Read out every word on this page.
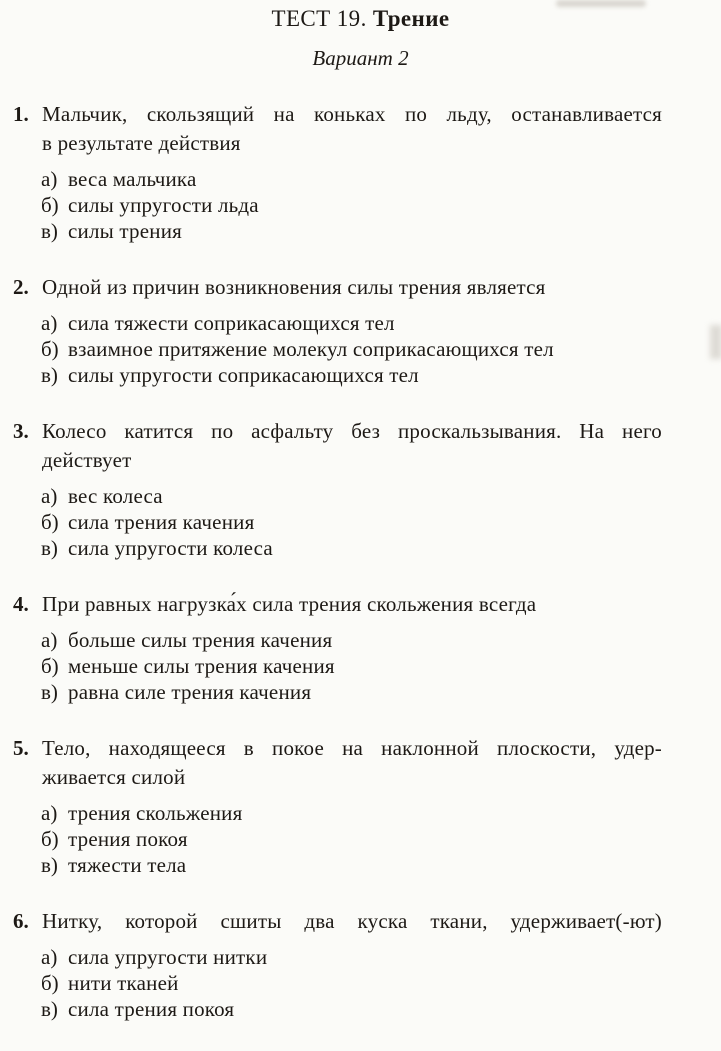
ТЕСТ 19. Трение
Вариант 2
1. Мальчик, скользящий на коньках по льду, останавливается
в результате действия
а) веса мальчика
б) силы упругости льда
в) силы трения
2. Одной из причин возникновения силы трения является
а) сила тяжести соприкасающихся тел
б) взаимное притяжение молекул соприкасающихся тел
в) силы упругости соприкасающихся тел
3. Колесо катится по асфальту без проскальзывания. На него
действует
а) вес колеса
б) сила трения качения
в) сила упругости колеса
4. При равных нагрузка́х сила трения скольжения всегда
а) больше силы трения качения
б) меньше силы трения качения
в) равна силе трения качения
5. Тело, находящееся в покое на наклонной плоскости, удер-
живается силой
а) трения скольжения
б) трения покоя
в) тяжести тела
6. Нитку, которой сшиты два куска ткани, удерживает(-ют)
а) сила упругости нитки
б) нити тканей
в) сила трения покоя
